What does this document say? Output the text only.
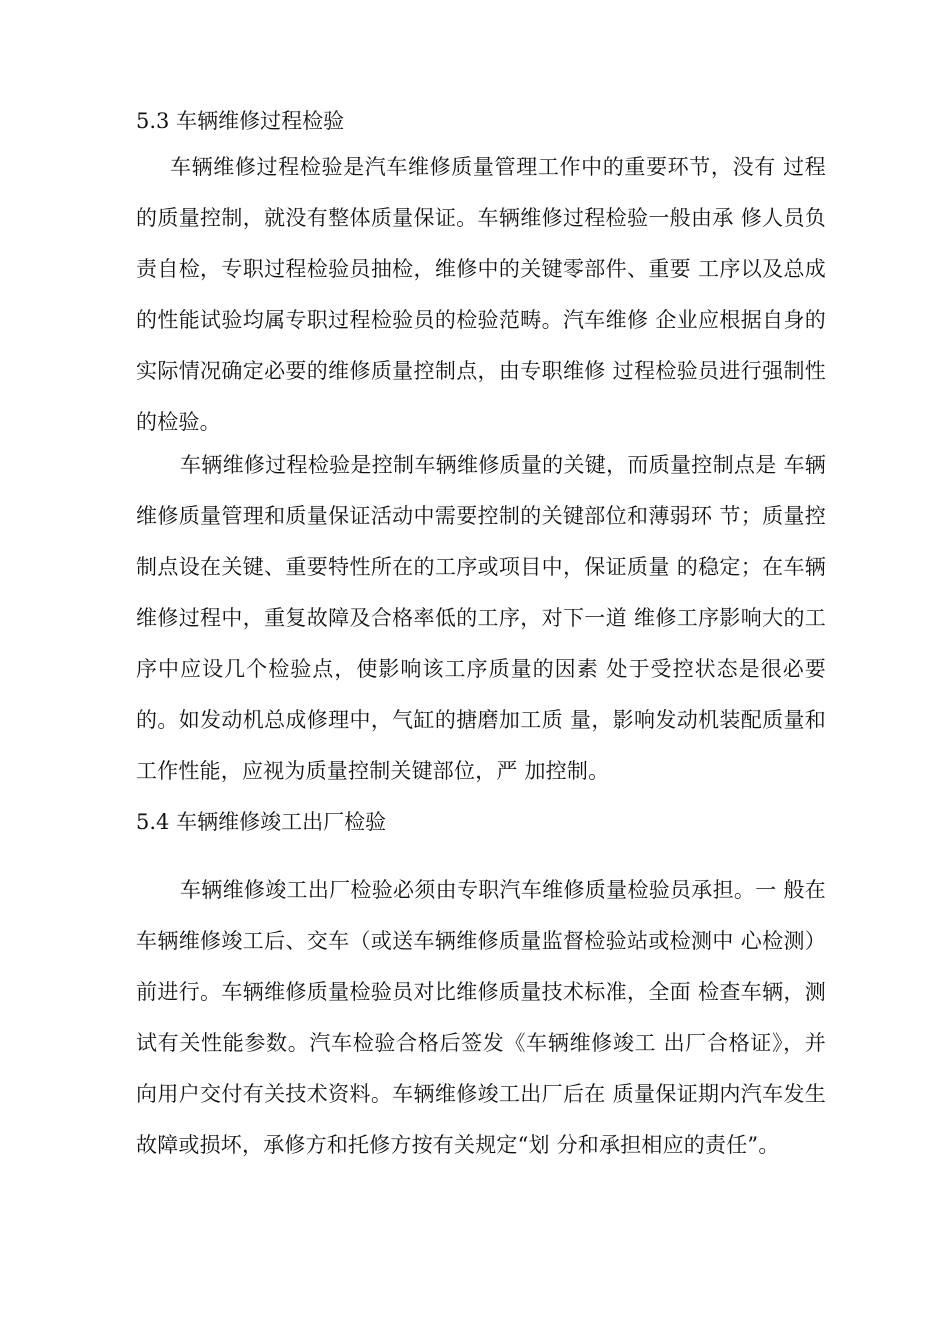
5.3 车辆维修过程检验

车辆维修过程检验是汽车维修质量管理工作中的重要环节，没有 过程的质量控制，就没有整体质量保证。车辆维修过程检验一般由承 修人员负责自检，专职过程检验员抽检，维修中的关键零部件、重要 工序以及总成的性能试验均属专职过程检验员的检验范畴。汽车维修 企业应根据自身的实际情况确定必要的维修质量控制点，由专职维修 过程检验员进行强制性的检验。

车辆维修过程检验是控制车辆维修质量的关键，而质量控制点是 车辆维修质量管理和质量保证活动中需要控制的关键部位和薄弱环 节；质量控制点设在关键、重要特性所在的工序或项目中，保证质量 的稳定；在车辆维修过程中，重复故障及合格率低的工序，对下一道 维修工序影响大的工序中应设几个检验点，使影响该工序质量的因素 处于受控状态是很必要的。如发动机总成修理中，气缸的搪磨加工质 量，影响发动机装配质量和工作性能，应视为质量控制关键部位，严 加控制。

5.4 车辆维修竣工出厂检验

车辆维修竣工出厂检验必须由专职汽车维修质量检验员承担。一 般在车辆维修竣工后、交车（或送车辆维修质量监督检验站或检测中 心检测）前进行。车辆维修质量检验员对比维修质量技术标准，全面 检查车辆，测试有关性能参数。汽车检验合格后签发《车辆维修竣工 出厂合格证》，并向用户交付有关技术资料。车辆维修竣工出厂后在 质量保证期内汽车发生故障或损坏，承修方和托修方按有关规定“划 分和承担相应的责任”。
